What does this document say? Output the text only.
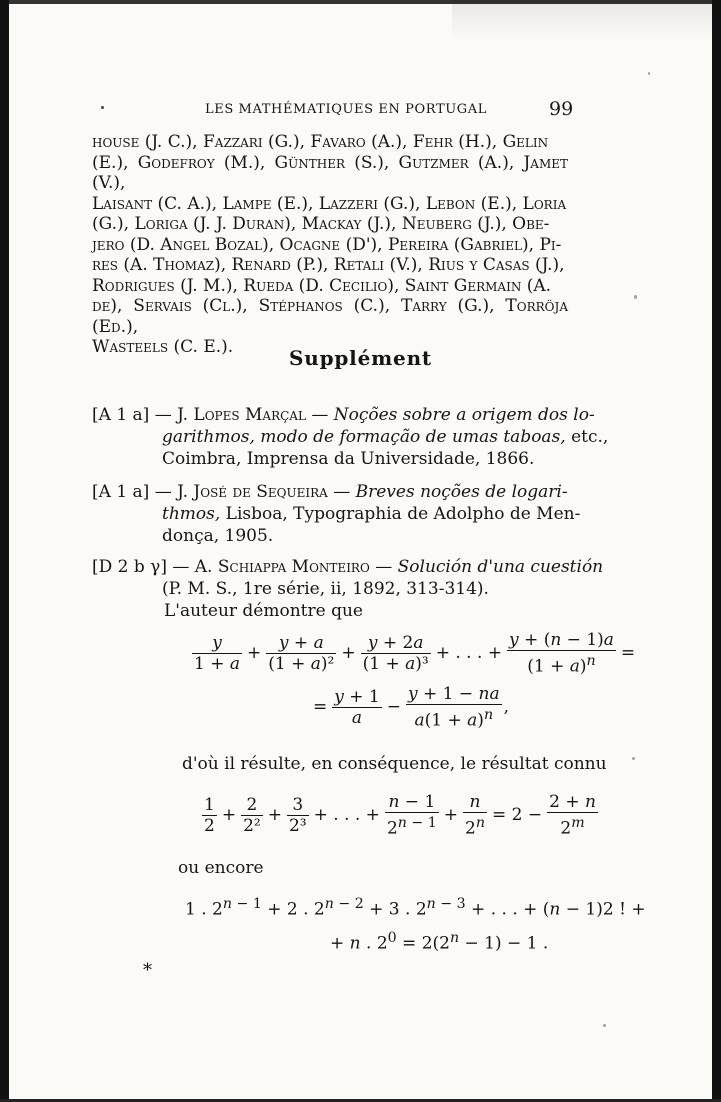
LES MATHÉMATIQUES EN PORTUGAL	99
house (J. C.), Fazzari (G.), Favaro (A.), Fehr (H.), Gelin
(E.), Godefroy (M.), Günther (S.), Gutzmer (A.), Jamet (V.),
Laisant (C. A.), Lampe (E.), Lazzeri (G.), Lebon (E.), Loria
(G.), Loriga (J. J. Duran), Mackay (J.), Neuberg (J.), Obe-
jero (D. Angel Bozal), Ocagne (D'), Pereira (Gabriel), Pi-
res (A. Thomaz), Renard (P.), Retali (V.), Rius y Casas (J.),
Rodrigues (J. M.), Rueda (D. Cecilio), Saint Germain (A.
de), Servais (Cl.), Stéphanos (C.), Tarry (G.), Torröja (Ed.),
Wasteels (C. E.).	Supplément
[A 1 a] — J. Lopes Marçal — Noções sobre a origem dos lo-
garithmos, modo de formação de umas taboas, etc.,
Coimbra, Imprensa da Universidade, 1866.
[A 1 a] — J. José de Sequeira — Breves noções de logari-
thmos, Lisboa, Typographia de Adolpho de Men-
donça, 1905.
[D 2 b γ] — A. Schiappa Monteiro — Solución d'una cuestión
(P. M. S., 1re série, ii, 1892, 313-314).
L'auteur démontre que
$\frac{y}{1 + a} + \frac{y + a}{\text{(1 + a)²}} + \frac{y + 2a}{\text{(1 + a)³}}$ + . . . + $\frac{y + (n - 1)a}{(1 + a)^n}$ =
= $\frac{y + 1}{a} - \frac{y + 1 - na}{a(1 + a)^n}$ ,
d'où il résulte, en conséquence, le résultat connu
$\frac{1}{2} + \frac{2}{\text{2²}} + \frac{3}{\text{2³}}$ + . . . + $\frac{n - 1}{2^{n - 1}} + \frac{n}{2^n} = 2 - \frac{2 + n}{2^m}$
ou encore
1 . $2^{n - 1} + 2$ . $2^{n - 2} + 3$ . $2^{n - 3}$ + . . . + (n − 1)2 ! +
+ n . $2^0 = 2(2^n - 1) - 1$ .
*
